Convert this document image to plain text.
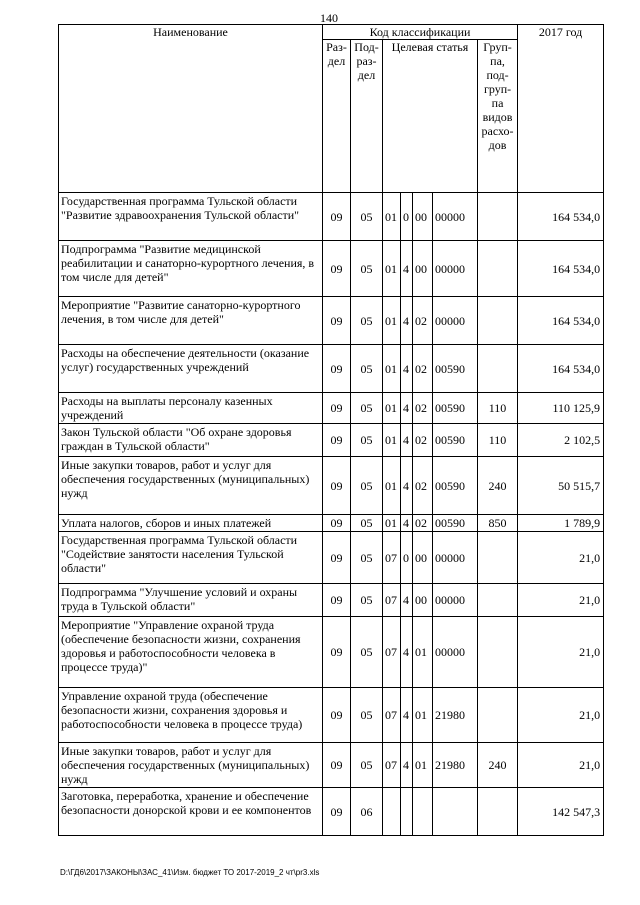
140
Наименование	Код классификации							2017 год
	Раз-дел	Под-раз-дел	Целевая статья				Груп-па, под-груп-па видов расхо-дов	
Государственная программа Тульской области "Развитие здравоохранения Тульской области"	09	05	01	0	00	00000		164 534,0
Подпрограмма "Развитие медицинской реабилитации и санаторно-курортного лечения, в том числе для детей"	09	05	01	4	00	00000		164 534,0
Мероприятие "Развитие санаторно-курортного лечения, в том числе для детей"	09	05	01	4	02	00000		164 534,0
Расходы на обеспечение деятельности (оказание услуг) государственных учреждений	09	05	01	4	02	00590		164 534,0
Расходы на выплаты персоналу казенных учреждений	09	05	01	4	02	00590	110	110 125,9
Закон Тульской области "Об охране здоровья граждан в Тульской области"	09	05	01	4	02	00590	110	2 102,5
Иные закупки товаров, работ и услуг для обеспечения государственных (муниципальных) нужд	09	05	01	4	02	00590	240	50 515,7
Уплата налогов, сборов и иных платежей	09	05	01	4	02	00590	850	1 789,9
Государственная программа Тульской области "Содействие занятости населения Тульской области"	09	05	07	0	00	00000		21,0
Подпрограмма "Улучшение условий и охраны труда в Тульской области"	09	05	07	4	00	00000		21,0
Мероприятие "Управление охраной труда (обеспечение безопасности жизни, сохранения здоровья и работоспособности человека в процессе труда)"	09	05	07	4	01	00000		21,0
Управление охраной труда (обеспечение безопасности жизни, сохранения здоровья и работоспособности человека в процессе труда)	09	05	07	4	01	21980		21,0
Иные закупки товаров, работ и услуг для обеспечения государственных (муниципальных) нужд	09	05	07	4	01	21980	240	21,0
Заготовка, переработка, хранение и обеспечение безопасности донорской крови и ее компонентов	09	06						142 547,3
D:\ГД6\2017\ЗАКОНЫ\ЗАС_41\Изм. бюджет ТО 2017-2019_2 чт\pr3.xls
